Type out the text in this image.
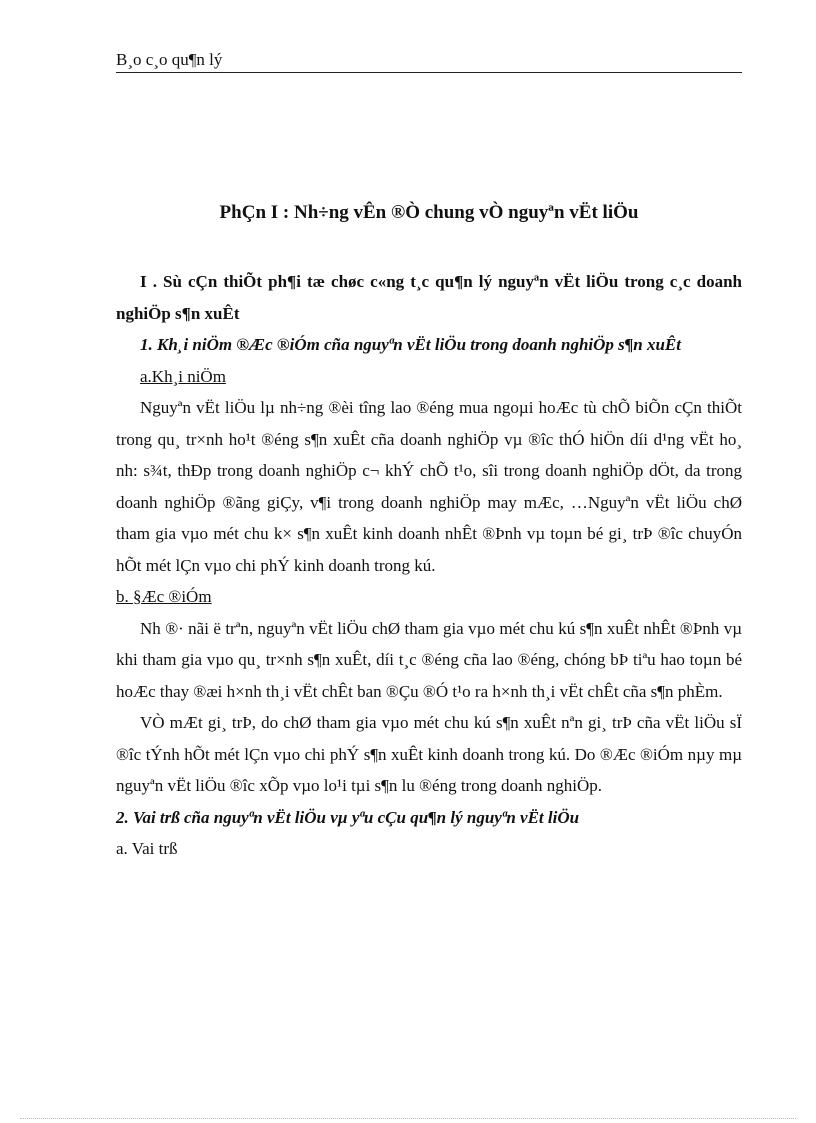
B¸o c¸o qu¶n lý
PhÇn I : Nh÷ng vÊn ®Ò chung vÒ nguyªn vËt liÖu

I . Sù cÇn thiÕt ph¶i tæ chøc c«ng t¸c qu¶n lý nguyªn vËt liÖu trong c¸c doanh nghiÖp s¶n xuÊt

1. Kh¸i niÖm ®Æc ®iÓm cña nguyªn vËt liÖu trong doanh nghiÖp s¶n xuÊt

a.Kh¸i niÖm

Nguyªn vËt liÖu lµ nh÷ng ®èi tîng lao ®éng mua ngoµi hoÆc tù chÕ biÕn cÇn thiÕt trong qu¸ tr×nh ho¹t ®éng s¶n xuÊt cña doanh nghiÖp vµ ®îc thÓ hiÖn díi d¹ng vËt ho¸ nh: s¾t, thÐp trong doanh nghiÖp c¬ khÝ chÕ t¹o, sîi trong doanh nghiÖp dÖt, da trong doanh nghiÖp ®ãng giÇy, v¶i trong doanh nghiÖp may mÆc, …Nguyªn vËt liÖu chØ tham gia vµo mét chu k× s¶n xuÊt kinh doanh nhÊt ®Þnh vµ toµn bé gi¸ trÞ ®îc chuyÓn hÕt mét lÇn vµo chi phÝ kinh doanh trong kú.

b. §Æc ®iÓm

Nh ®· nãi ë trªn, nguyªn vËt liÖu chØ tham gia vµo mét chu kú s¶n xuÊt nhÊt ®Þnh vµ khi tham gia vµo qu¸ tr×nh s¶n xuÊt, díi t¸c ®éng cña lao ®éng, chóng bÞ tiªu hao toµn bé hoÆc thay ®æi h×nh th¸i vËt chÊt ban ®Çu ®Ó t¹o ra h×nh th¸i vËt chÊt cña s¶n phÈm.

VÒ mÆt gi¸ trÞ, do chØ tham gia vµo mét chu kú s¶n xuÊt nªn gi¸ trÞ cña vËt liÖu sÏ ®îc tÝnh hÕt mét lÇn vµo chi phÝ s¶n xuÊt kinh doanh trong kú. Do ®Æc ®iÓm nµy mµ nguyªn vËt liÖu ®îc xÕp vµo lo¹i tµi s¶n lu ®éng trong doanh nghiÖp.

2. Vai trß cña nguyªn vËt liÖu vµ yªu cÇu qu¶n lý nguyªn vËt liÖu

a. Vai trß
